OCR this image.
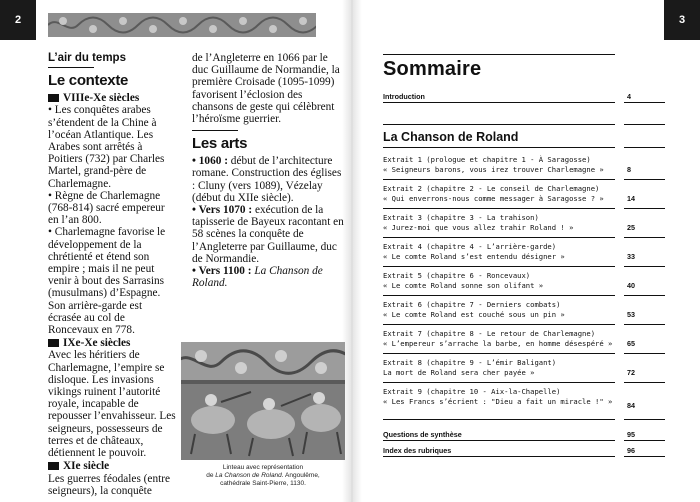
2	3
L’air du temps
Le contexte
VIIIe-Xe siècles

• Les conquêtes arabes s’étendent de la Chine à l’océan Atlantique. Les Arabes sont arrêtés à Poitiers (732) par Charles Martel, grand-père de Charlemagne.

• Règne de Charlemagne (768-814) sacré empereur en l’an 800.

• Charlemagne favorise le développement de la chrétienté et étend son empire ; mais il ne peut venir à bout des Sarrasins (musulmans) d’Espagne. Son arrière-garde est écrasée au col de Roncevaux en 778.

IXe-Xe siècles

Avec les héritiers de Charlemagne, l’empire se disloque. Les invasions vikings ruinent l’autorité royale, incapable de repousser l’envahisseur. Les seigneurs, possesseurs de terres et de châteaux, détiennent le pouvoir.

XIe siècle

Les guerres féodales (entre seigneurs), la conquête

de l’Angleterre en 1066 par le duc Guillaume de Normandie, la première Croisade (1095-1099) favorisent l’éclosion des chansons de geste qui célèbrent l’héroïsme guerrier.

Les arts

• 1060 : début de l’architecture romane. Construction des églises : Cluny (vers 1089), Vézelay (début du XIIe siècle).

• Vers 1070 : exécution de la tapisserie de Bayeux racontant en 58 scènes la conquête de l’Angleterre par Guillaume, duc de Normandie.

• Vers 1100 : La Chanson de Roland.

Linteau avec représentation
de La Chanson de Roland. Angoulême,
cathédrale Saint-Pierre, 1130.
Sommaire
Introduction	4
La Chanson de Roland
Extrait 1 (prologue et chapitre 1 - À Saragosse)
« Seigneurs barons, vous irez trouver Charlemagne »	8
Extrait 2 (chapitre 2 - Le conseil de Charlemagne)
« Qui enverrons-nous comme messager à Saragosse ? »	14
Extrait 3 (chapitre 3 - La trahison)
« Jurez-moi que vous allez trahir Roland ! »	25
Extrait 4 (chapitre 4 - L’arrière-garde)
« Le comte Roland s’est entendu désigner »	33
Extrait 5 (chapitre 6 - Roncevaux)
« Le comte Roland sonne son olifant »	40
Extrait 6 (chapitre 7 - Derniers combats)
« Le comte Roland est couché sous un pin »	53
Extrait 7 (chapitre 8 - Le retour de Charlemagne)
« L’empereur s’arrache la barbe, en homme désespéré »	65
Extrait 8 (chapitre 9 - L’émir Baligant)
La mort de Roland sera cher payée »	72
Extrait 9 (chapitre 10 - Aix-la-Chapelle)
« Les Francs s’écrient : "Dieu a fait un miracle !" »	84
Questions de synthèse	95
Index des rubriques	96
